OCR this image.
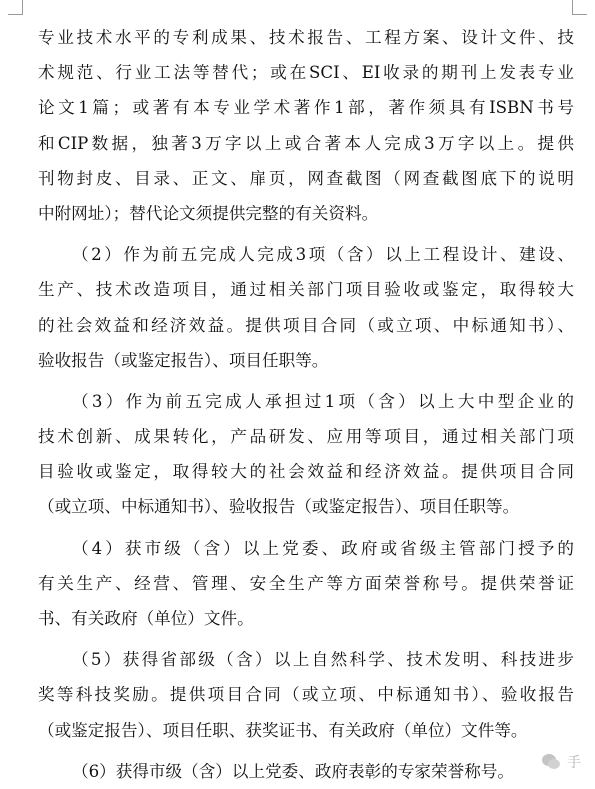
专业技术水平的专利成果、技术报告、工程方案、设计文件、技
术规范、行业工法等替代；或在SCI、EI收录的期刊上发表专业
论文1篇；或著有本专业学术著作1部，著作须具有ISBN书号
和CIP数据，独著3万字以上或合著本人完成3万字以上。提供
刊物封皮、目录、正文、扉页，网查截图（网查截图底下的说明
中附网址）；替代论文须提供完整的有关资料。
（2）作为前五完成人完成3项（含）以上工程设计、建设、
生产、技术改造项目，通过相关部门项目验收或鉴定，取得较大
的社会效益和经济效益。提供项目合同（或立项、中标通知书）、
验收报告（或鉴定报告）、项目任职等。
（3）作为前五完成人承担过1项（含）以上大中型企业的
技术创新、成果转化，产品研发、应用等项目，通过相关部门项
目验收或鉴定，取得较大的社会效益和经济效益。提供项目合同
（或立项、中标通知书）、验收报告（或鉴定报告）、项目任职等。
（4）获市级（含）以上党委、政府或省级主管部门授予的
有关生产、经营、管理、安全生产等方面荣誉称号。提供荣誉证
书、有关政府（单位）文件。
（5）获得省部级（含）以上自然科学、技术发明、科技进步
奖等科技奖励。提供项目合同（或立项、中标通知书）、验收报告
（或鉴定报告）、项目任职、获奖证书、有关政府（单位）文件等。
（6）获得市级（含）以上党委、政府表彰的专家荣誉称号。	手
